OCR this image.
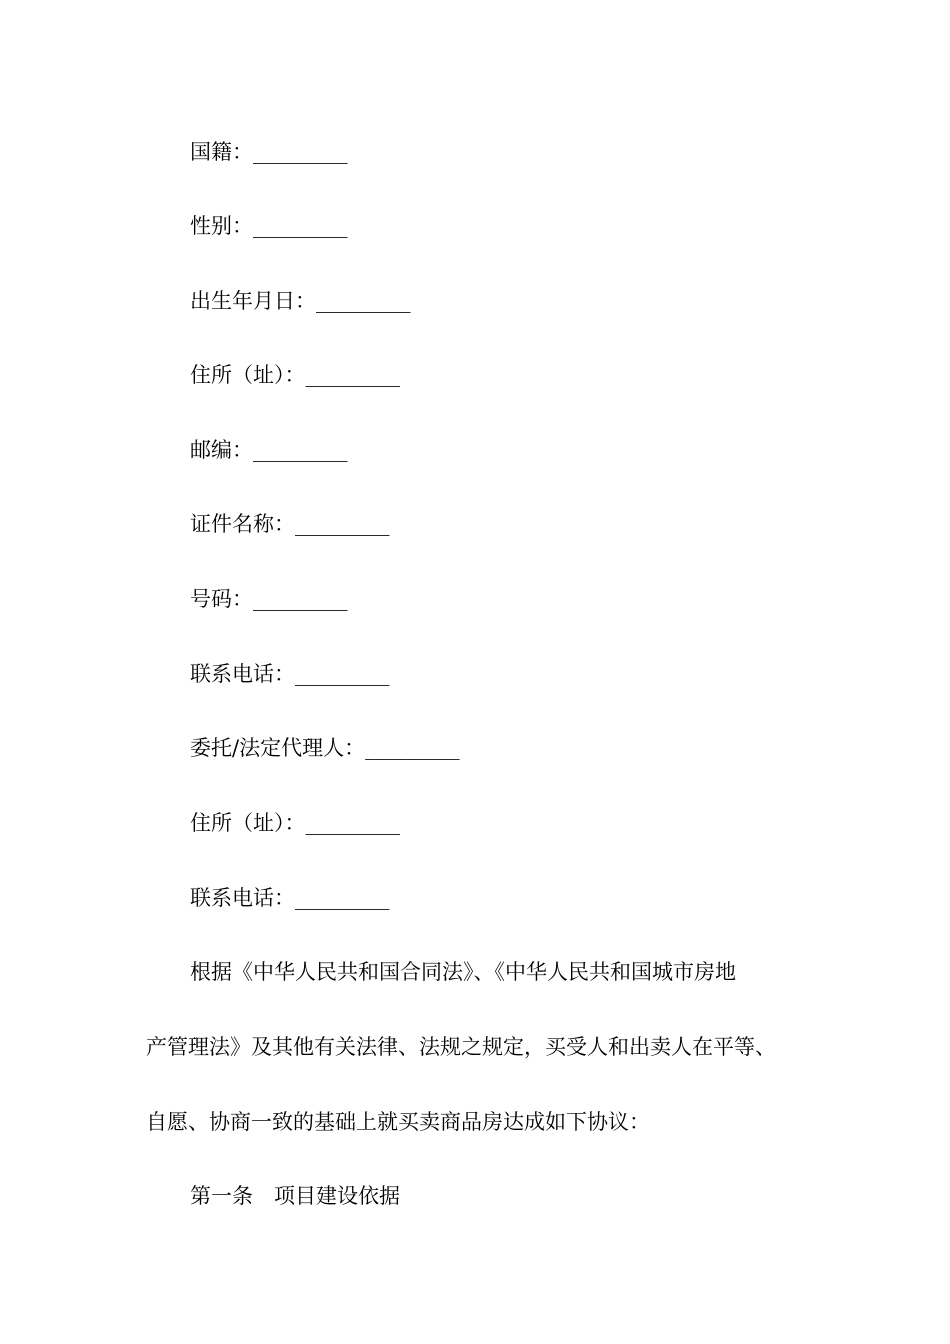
国籍：_________
性别：_________
出生年月日：_________
住所（址）：_________
邮编：_________
证件名称：_________
号码：_________
联系电话：_________
委托/法定代理人：_________
住所（址）：_________
联系电话：_________
根据《中华人民共和国合同法》、《中华人民共和国城市房地
产管理法》及其他有关法律、法规之规定，买受人和出卖人在平等、
自愿、协商一致的基础上就买卖商品房达成如下协议：
第一条　项目建设依据
